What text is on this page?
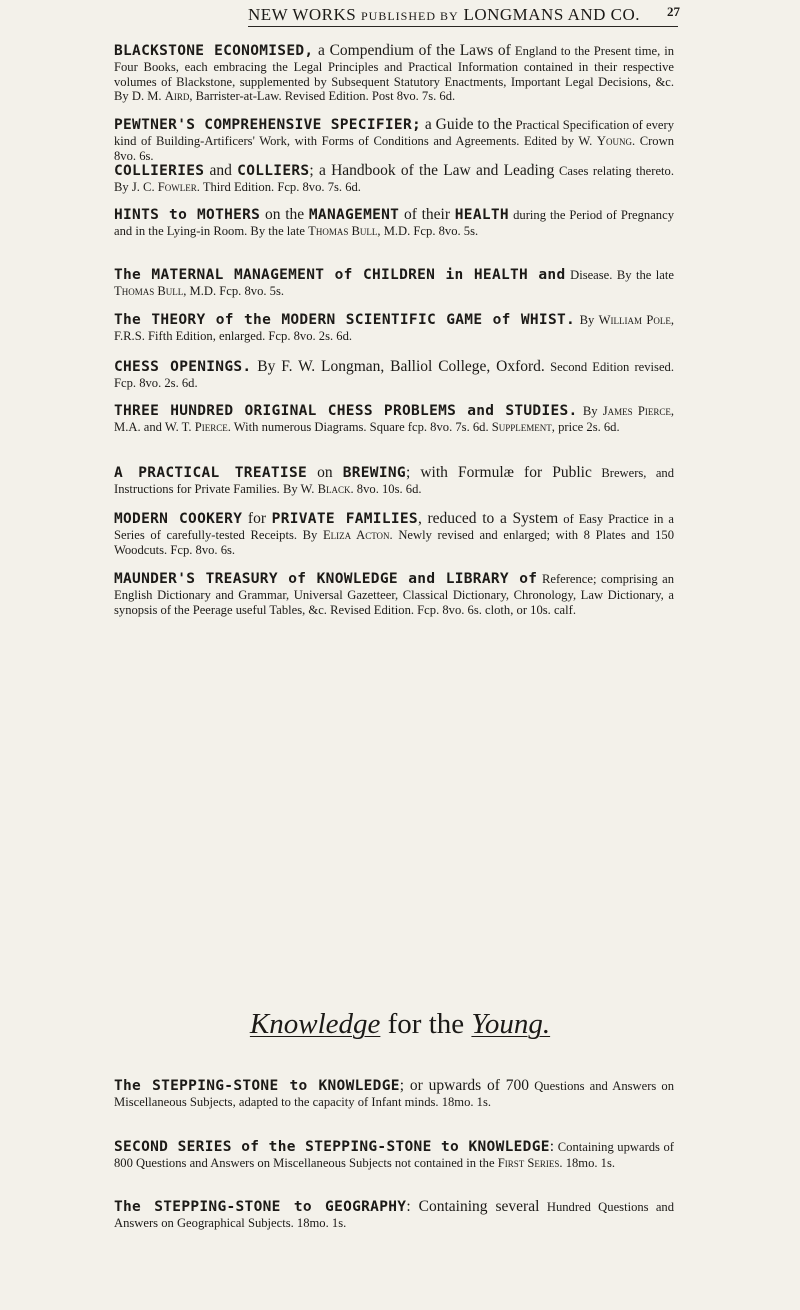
NEW WORKS PUBLISHED BY LONGMANS AND CO.	27
BLACKSTONE ECONOMISED, a Compendium of the Laws of England to the Present time, in Four Books, each embracing the Legal Principles and Practical Information contained in their respective volumes of Blackstone, supplemented by Subsequent Statutory Enactments, Important Legal Decisions, &c. By D. M. Aird, Barrister-at-Law. Revised Edition. Post 8vo. 7s. 6d.
PEWTNER'S COMPREHENSIVE SPECIFIER; a Guide to the Practical Specification of every kind of Building-Artificers' Work, with Forms of Conditions and Agreements. Edited by W. Young. Crown 8vo. 6s.
COLLIERIES and COLLIERS; a Handbook of the Law and Leading Cases relating thereto. By J. C. Fowler. Third Edition. Fcp. 8vo. 7s. 6d.
HINTS to MOTHERS on the MANAGEMENT of their HEALTH during the Period of Pregnancy and in the Lying-in Room. By the late Thomas Bull, M.D. Fcp. 8vo. 5s.
The MATERNAL MANAGEMENT of CHILDREN in HEALTH and Disease. By the late Thomas Bull, M.D. Fcp. 8vo. 5s.
The THEORY of the MODERN SCIENTIFIC GAME of WHIST. By William Pole, F.R.S. Fifth Edition, enlarged. Fcp. 8vo. 2s. 6d.
CHESS OPENINGS. By F. W. Longman, Balliol College, Oxford. Second Edition revised. Fcp. 8vo. 2s. 6d.
THREE HUNDRED ORIGINAL CHESS PROBLEMS and STUDIES. By James Pierce, M.A. and W. T. Pierce. With numerous Diagrams. Square fcp. 8vo. 7s. 6d. Supplement, price 2s. 6d.
A PRACTICAL TREATISE on BREWING; with Formulæ for Public Brewers, and Instructions for Private Families. By W. Black. 8vo. 10s. 6d.
MODERN COOKERY for PRIVATE FAMILIES, reduced to a System of Easy Practice in a Series of carefully-tested Receipts. By Eliza Acton. Newly revised and enlarged; with 8 Plates and 150 Woodcuts. Fcp. 8vo. 6s.
MAUNDER'S TREASURY of KNOWLEDGE and LIBRARY of Reference; comprising an English Dictionary and Grammar, Universal Gazetteer, Classical Dictionary, Chronology, Law Dictionary, a synopsis of the Peerage useful Tables, &c. Revised Edition. Fcp. 8vo. 6s. cloth, or 10s. calf.
Knowledge for the Young.
The STEPPING-STONE to KNOWLEDGE; or upwards of 700 Questions and Answers on Miscellaneous Subjects, adapted to the capacity of Infant minds. 18mo. 1s.
SECOND SERIES of the STEPPING-STONE to KNOWLEDGE: Containing upwards of 800 Questions and Answers on Miscellaneous Subjects not contained in the First Series. 18mo. 1s.
The STEPPING-STONE to GEOGRAPHY: Containing several Hundred Questions and Answers on Geographical Subjects. 18mo. 1s.
